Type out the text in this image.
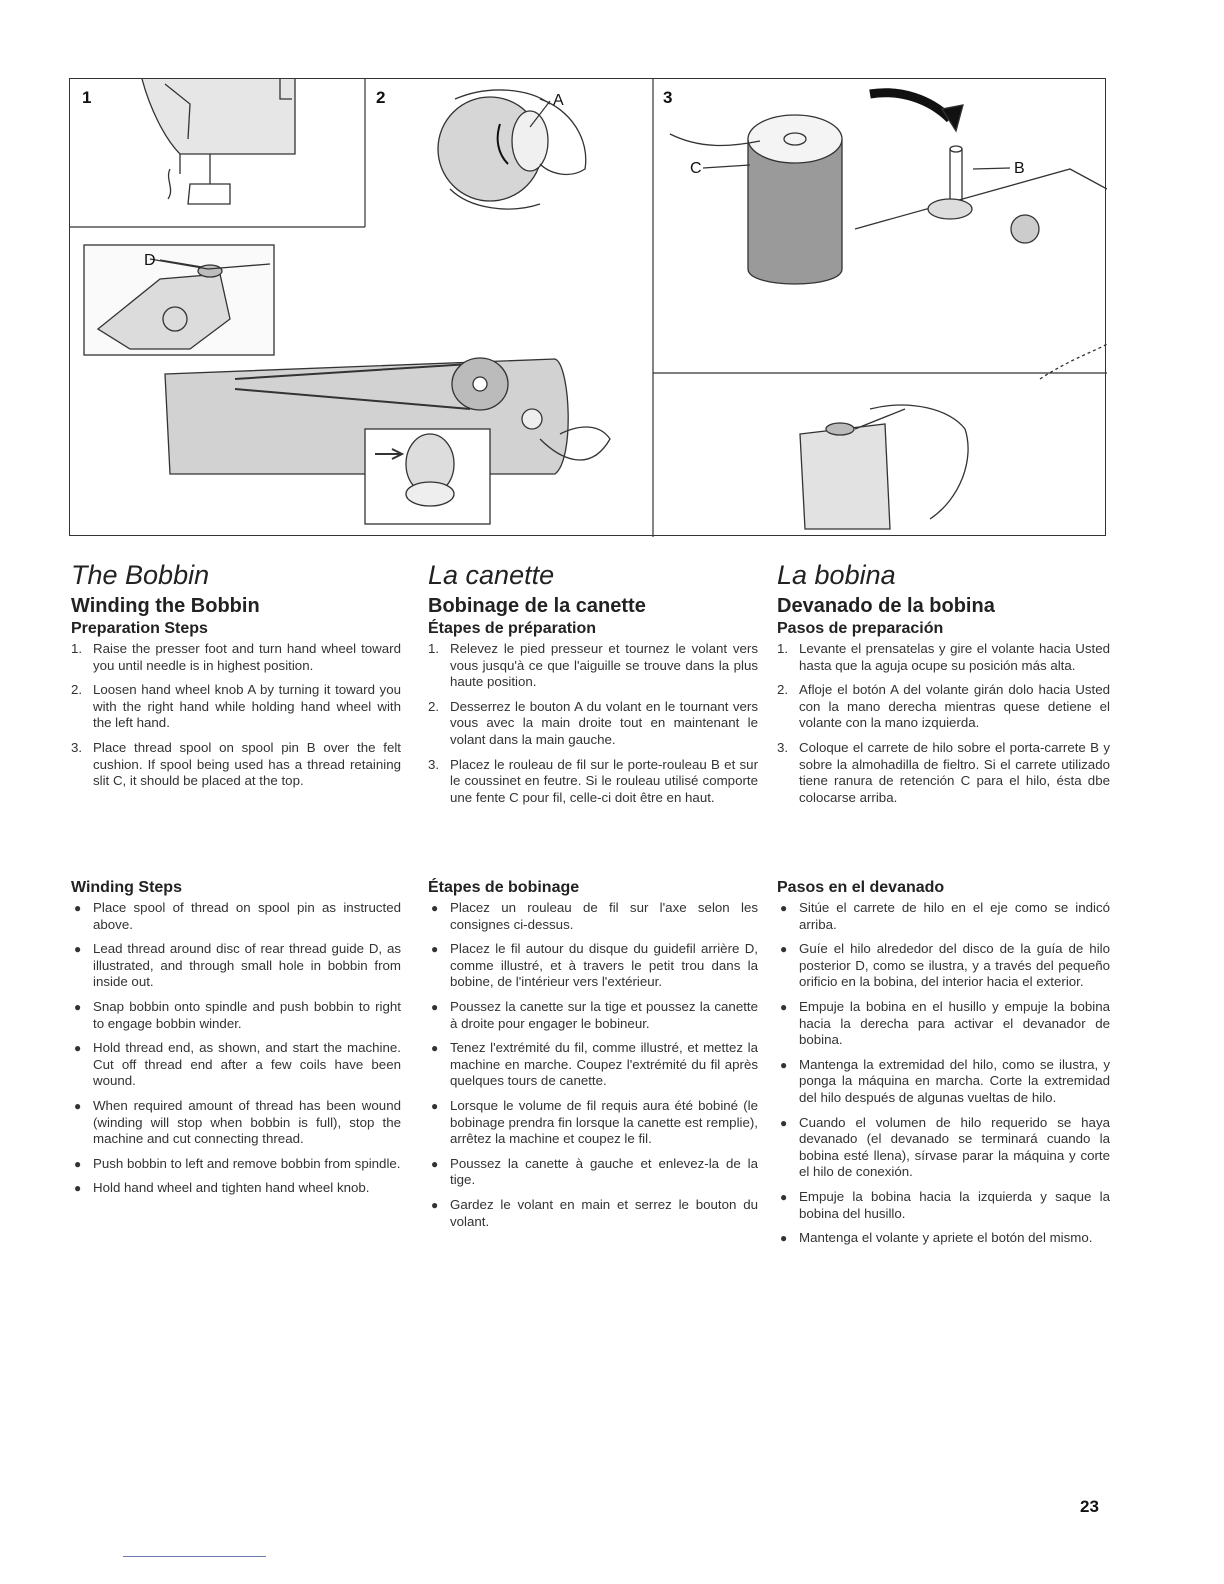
1	2	3
A
B
C
D
The Bobbin
Winding the Bobbin
Preparation Steps
1. Raise the presser foot and turn hand wheel toward you until needle is in highest position.
2. Loosen hand wheel knob A by turning it toward you with the right hand while holding hand wheel with the left hand.
3. Place thread spool on spool pin B over the felt cushion. If spool being used has a thread retaining slit C, it should be placed at the top.
Winding Steps
● Place spool of thread on spool pin as instructed above.
● Lead thread around disc of rear thread guide D, as illustrated, and through small hole in bobbin from inside out.
● Snap bobbin onto spindle and push bobbin to right to engage bobbin winder.
● Hold thread end, as shown, and start the machine. Cut off thread end after a few coils have been wound.
● When required amount of thread has been wound (winding will stop when bobbin is full), stop the machine and cut connecting thread.
● Push bobbin to left and remove bobbin from spindle.
● Hold hand wheel and tighten hand wheel knob.
La canette
Bobinage de la canette
Étapes de préparation
1. Relevez le pied presseur et tournez le volant vers vous jusqu'à ce que l'aiguille se trouve dans la plus haute position.
2. Desserrez le bouton A du volant en le tournant vers vous avec la main droite tout en maintenant le volant dans la main gauche.
3. Placez le rouleau de fil sur le porte-rouleau B et sur le coussinet en feutre. Si le rouleau utilisé comporte une fente C pour fil, celle-ci doit être en haut.
Étapes de bobinage
● Placez un rouleau de fil sur l'axe selon les consignes ci-dessus.
● Placez le fil autour du disque du guidefil arrière D, comme illustré, et à travers le petit trou dans la bobine, de l'intérieur vers l'extérieur.
● Poussez la canette sur la tige et poussez la canette à droite pour engager le bobineur.
● Tenez l'extrémité du fil, comme illustré, et mettez la machine en marche. Coupez l'extrémité du fil après quelques tours de canette.
● Lorsque le volume de fil requis aura été bobiné (le bobinage prendra fin lorsque la canette est remplie), arrêtez la machine et coupez le fil.
● Poussez la canette à gauche et enlevez-la de la tige.
● Gardez le volant en main et serrez le bouton du volant.
La bobina
Devanado de la bobina
Pasos de preparación
1. Levante el prensatelas y gire el volante hacia Usted hasta que la aguja ocupe su posición más alta.
2. Afloje el botón A del volante girán dolo hacia Usted con la mano derecha mientras quese detiene el volante con la mano izquierda.
3. Coloque el carrete de hilo sobre el porta-carrete B y sobre la almohadilla de fieltro. Si el carrete utilizado tiene ranura de retención C para el hilo, ésta dbe colocarse arriba.
Pasos en el devanado
● Sitúe el carrete de hilo en el eje como se indicó arriba.
● Guíe el hilo alrededor del disco de la guía de hilo posterior D, como se ilustra, y a través del pequeño orificio en la bobina, del interior hacia el exterior.
● Empuje la bobina en el husillo y empuje la bobina hacia la derecha para activar el devanador de bobina.
● Mantenga la extremidad del hilo, como se ilustra, y ponga la máquina en marcha. Corte la extremidad del hilo después de algunas vueltas de hilo.
● Cuando el volumen de hilo requerido se haya devanado (el devanado se terminará cuando la bobina esté llena), sírvase parar la máquina y corte el hilo de conexión.
● Empuje la bobina hacia la izquierda y saque la bobina del husillo.
● Mantenga el volante y apriete el botón del mismo.
23
